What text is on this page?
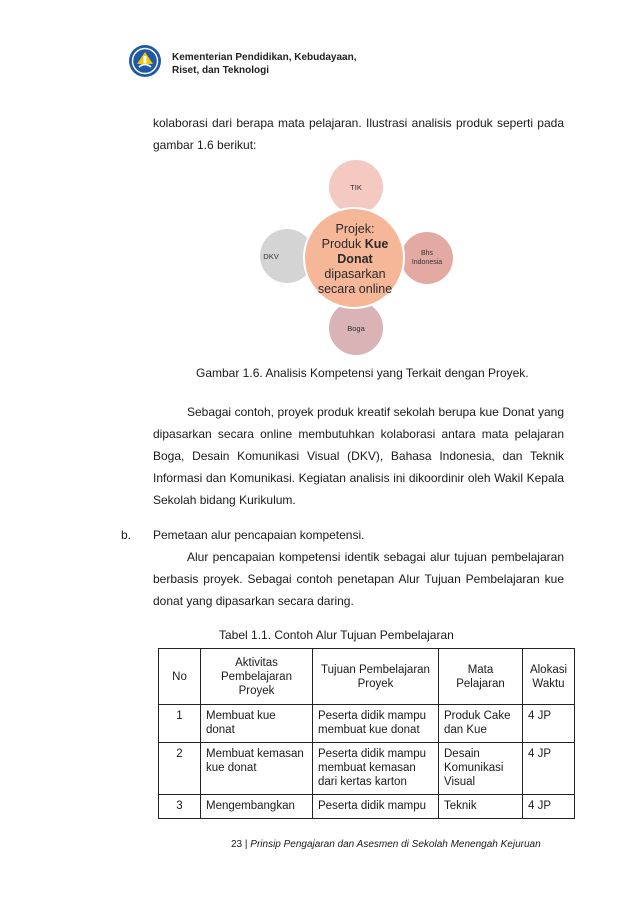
Kementerian Pendidikan, Kebudayaan,
Riset, dan Teknologi
kolaborasi dari berapa mata pelajaran. Ilustrasi analisis produk seperti pada gambar 1.6 berikut:
TIK
DKV	Bhs
Indonesia
Boga
Projek:
Produk Kue
Donat
dipasarkan
secara online
Gambar 1.6. Analisis Kompetensi yang Terkait dengan Proyek.
Sebagai contoh, proyek produk kreatif sekolah berupa kue Donat yang dipasarkan secara online membutuhkan kolaborasi antara mata pelajaran Boga, Desain Komunikasi Visual (DKV), Bahasa Indonesia, dan Teknik Informasi dan Komunikasi. Kegiatan analisis ini dikoordinir oleh Wakil Kepala Sekolah bidang Kurikulum.
b. Pemetaan alur pencapaian kompetensi.
Alur pencapaian kompetensi identik sebagai alur tujuan pembelajaran berbasis proyek. Sebagai contoh penetapan Alur Tujuan Pembelajaran kue donat yang dipasarkan secara daring.
Tabel 1.1. Contoh Alur Tujuan Pembelajaran
No	Aktivitas Pembelajaran Proyek	Tujuan Pembelajaran Proyek	Mata Pelajaran	Alokasi Waktu
1	Membuat kue donat	Peserta didik mampu membuat kue donat	Produk Cake dan Kue	4 JP
2	Membuat kemasan kue donat	Peserta didik mampu membuat kemasan dari kertas karton	Desain Komunikasi Visual	4 JP
3	Mengembangkan	Peserta didik mampu	Teknik	4 JP
23 | Prinsip Pengajaran dan Asesmen di Sekolah Menengah Kejuruan
